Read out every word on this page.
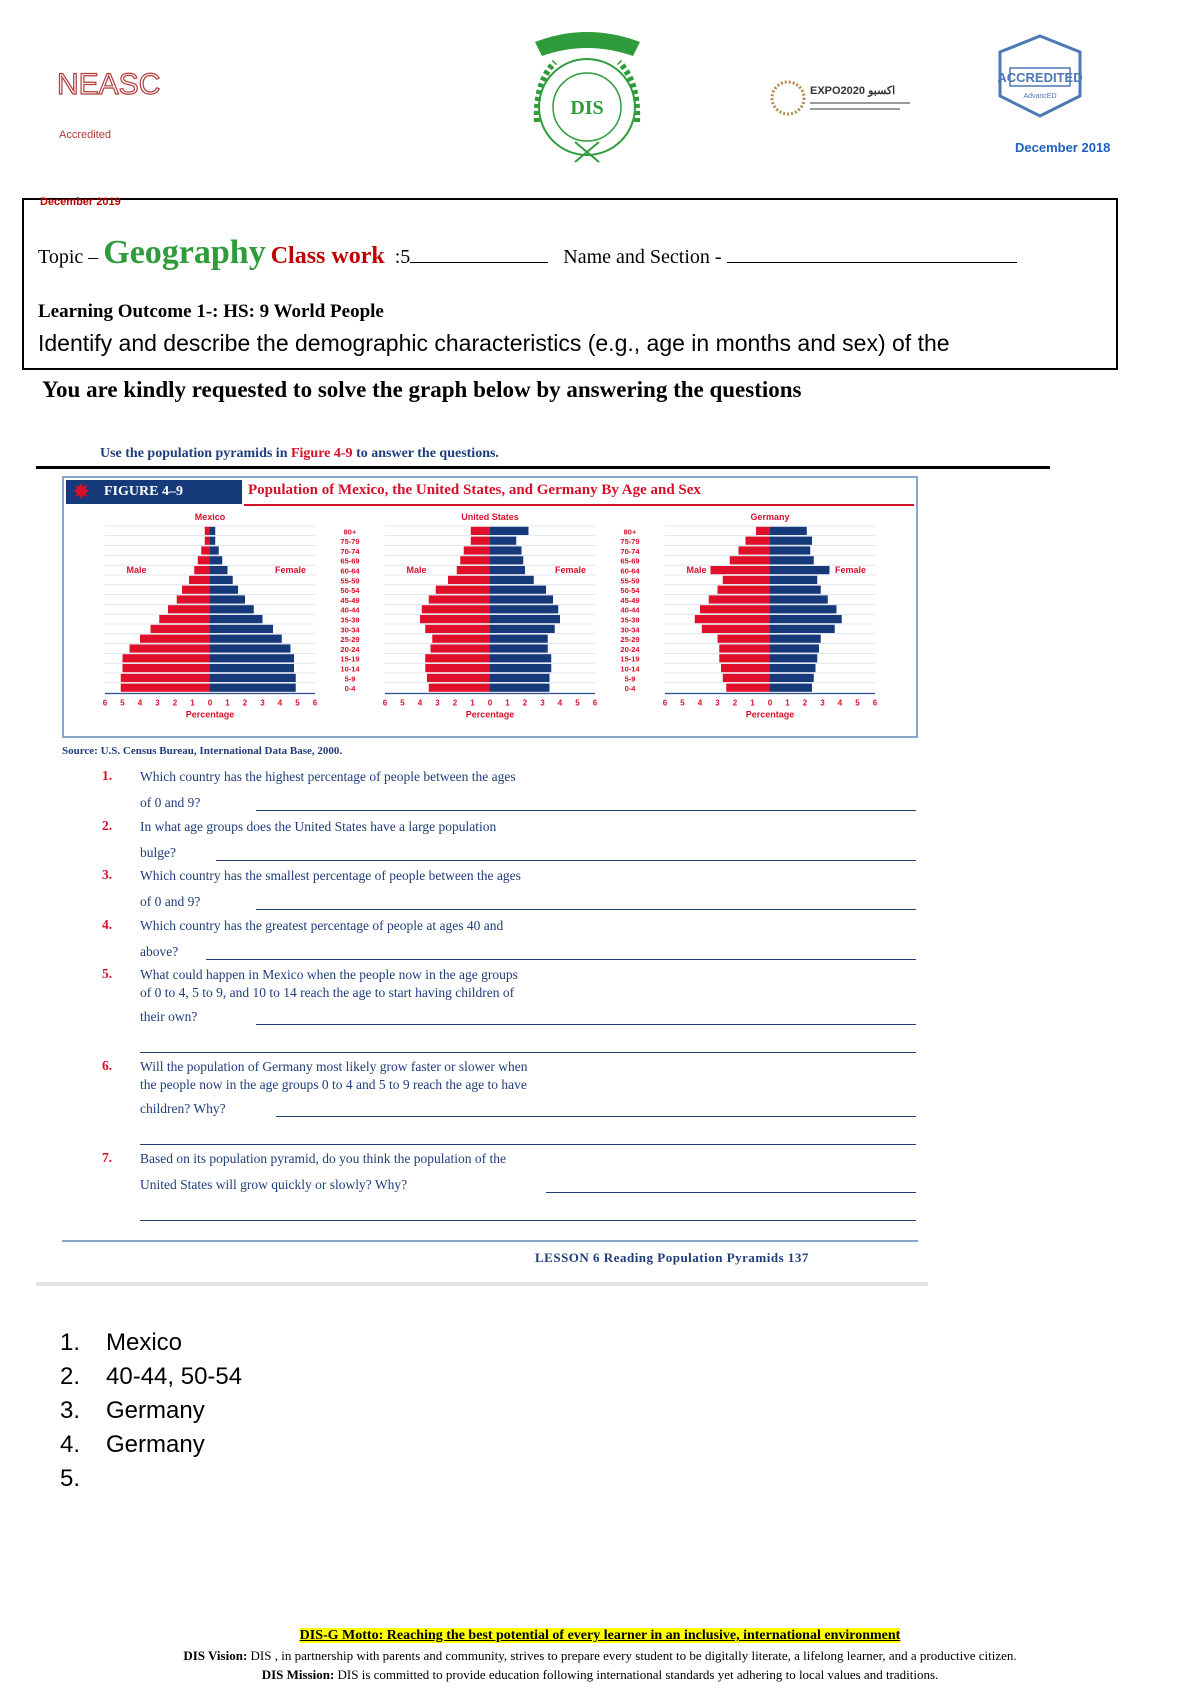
NEASC
Accredited
DIS
EXPO2020 اكسبو
ACCREDITED
AdvancED
December 2018
December 2019
Topic – Geography Class work :5	Name and Section -
Learning Outcome 1-: HS: 9 World People
Identify and describe the demographic characteristics (e.g., age in months and sex) of the
You are kindly requested to solve the graph below by answering the questions
Use the population pyramids in Figure 4-9 to answer the questions.
FIGURE 4–9
✸	Population of Mexico, the United States, and Germany By Age and Sex
6 5 4 3 2 1 0 1 2 3 4 5 6
Percentage
Mexico
Male	Female
6 5 4 3 2 1 0 1 2 3 4 5 6
Percentage
United States
Male	Female
6 5 4 3 2 1 0 1 2 3 4 5 6
Percentage
Germany
Male	Female
0-4
5-9
10-14
15-19
20-24
25-29
30-34
35-39
40-44
45-49
50-54
55-59
60-64
65-69
70-74
75-79
80+
0-4
5-9
10-14
15-19
20-24
25-29
30-34
35-39
40-44
45-49
50-54
55-59
60-64
65-69
70-74
75-79
80+
Source: U.S. Census Bureau, International Data Base, 2000.
1. Which country has the highest percentage of people between the ages
of 0 and 9?
2. In what age groups does the United States have a large population
bulge?
3. Which country has the smallest percentage of people between the ages
of 0 and 9?
4. Which country has the greatest percentage of people at ages 40 and
above?
5. What could happen in Mexico when the people now in the age groups
of 0 to 4, 5 to 9, and 10 to 14 reach the age to start having children of
their own?
6. Will the population of Germany most likely grow faster or slower when
the people now in the age groups 0 to 4 and 5 to 9 reach the age to have
children? Why?
7. Based on its population pyramid, do you think the population of the
United States will grow quickly or slowly? Why?
LESSON 6 Reading Population Pyramids 137
1. Mexico
2. 40-44, 50-54
3. Germany
4. Germany
5.
DIS-G Motto: Reaching the best potential of every learner in an inclusive, international environment
DIS Vision: DIS , in partnership with parents and community, strives to prepare every student to be digitally literate, a lifelong learner, and a productive citizen.
DIS Mission: DIS is committed to provide education following international standards yet adhering to local values and traditions.
